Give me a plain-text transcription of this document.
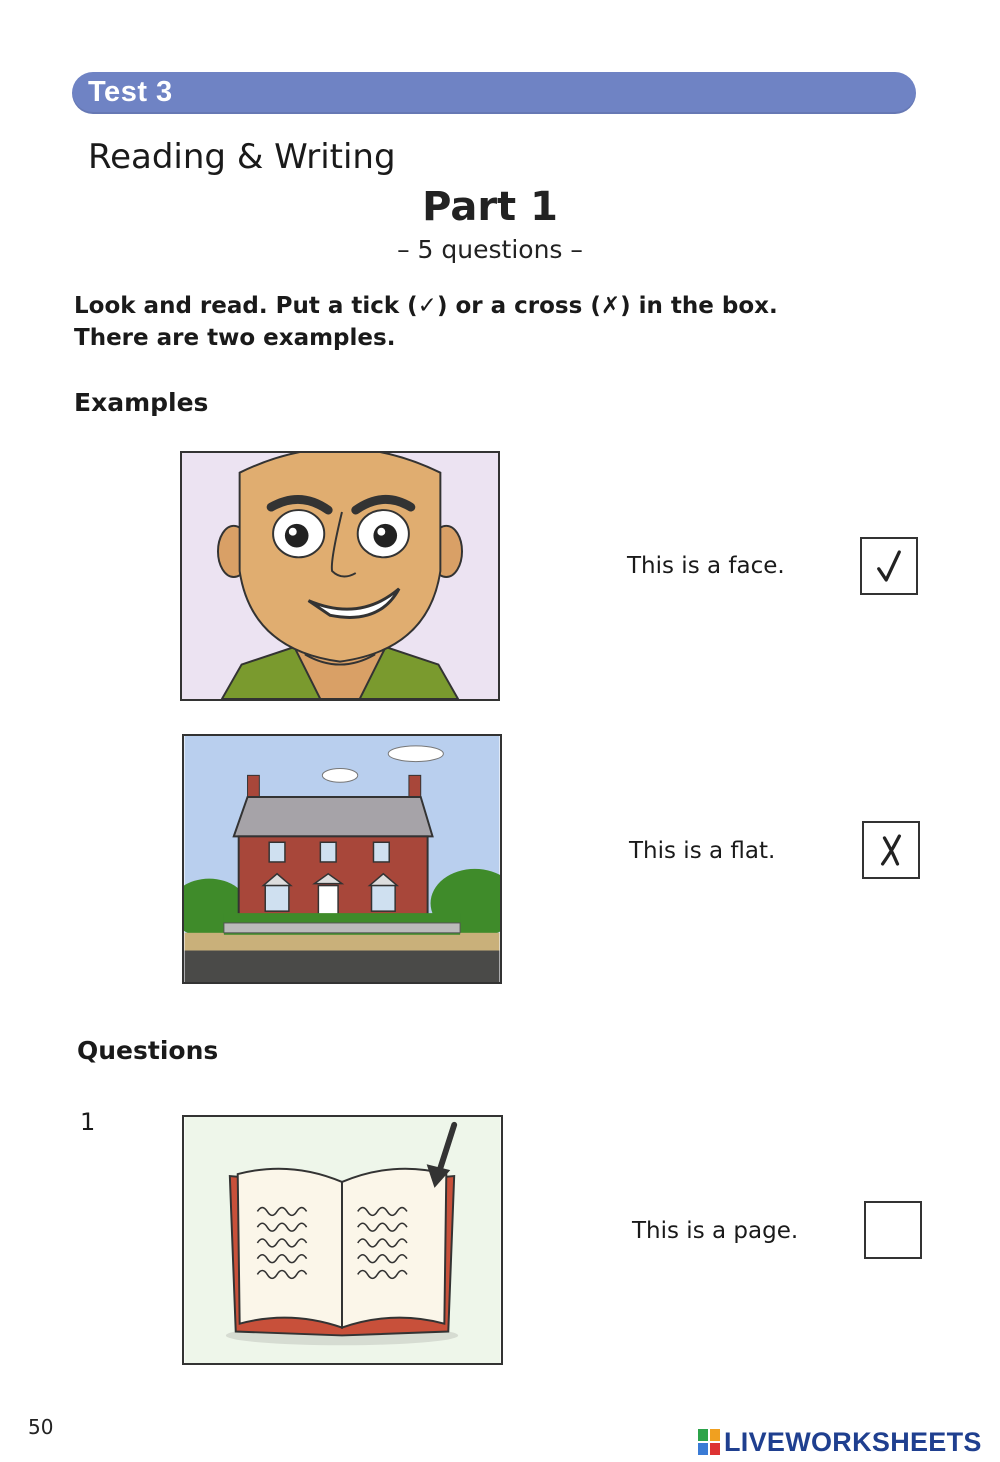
Test 3
Reading & Writing
Part 1
– 5 questions –
Look and read. Put a tick (✓) or a cross (✗) in the box.
There are two examples.
Examples
This is a face.
This is a flat.
Questions
1
This is a page.
50	LIVEWORKSHEETS
